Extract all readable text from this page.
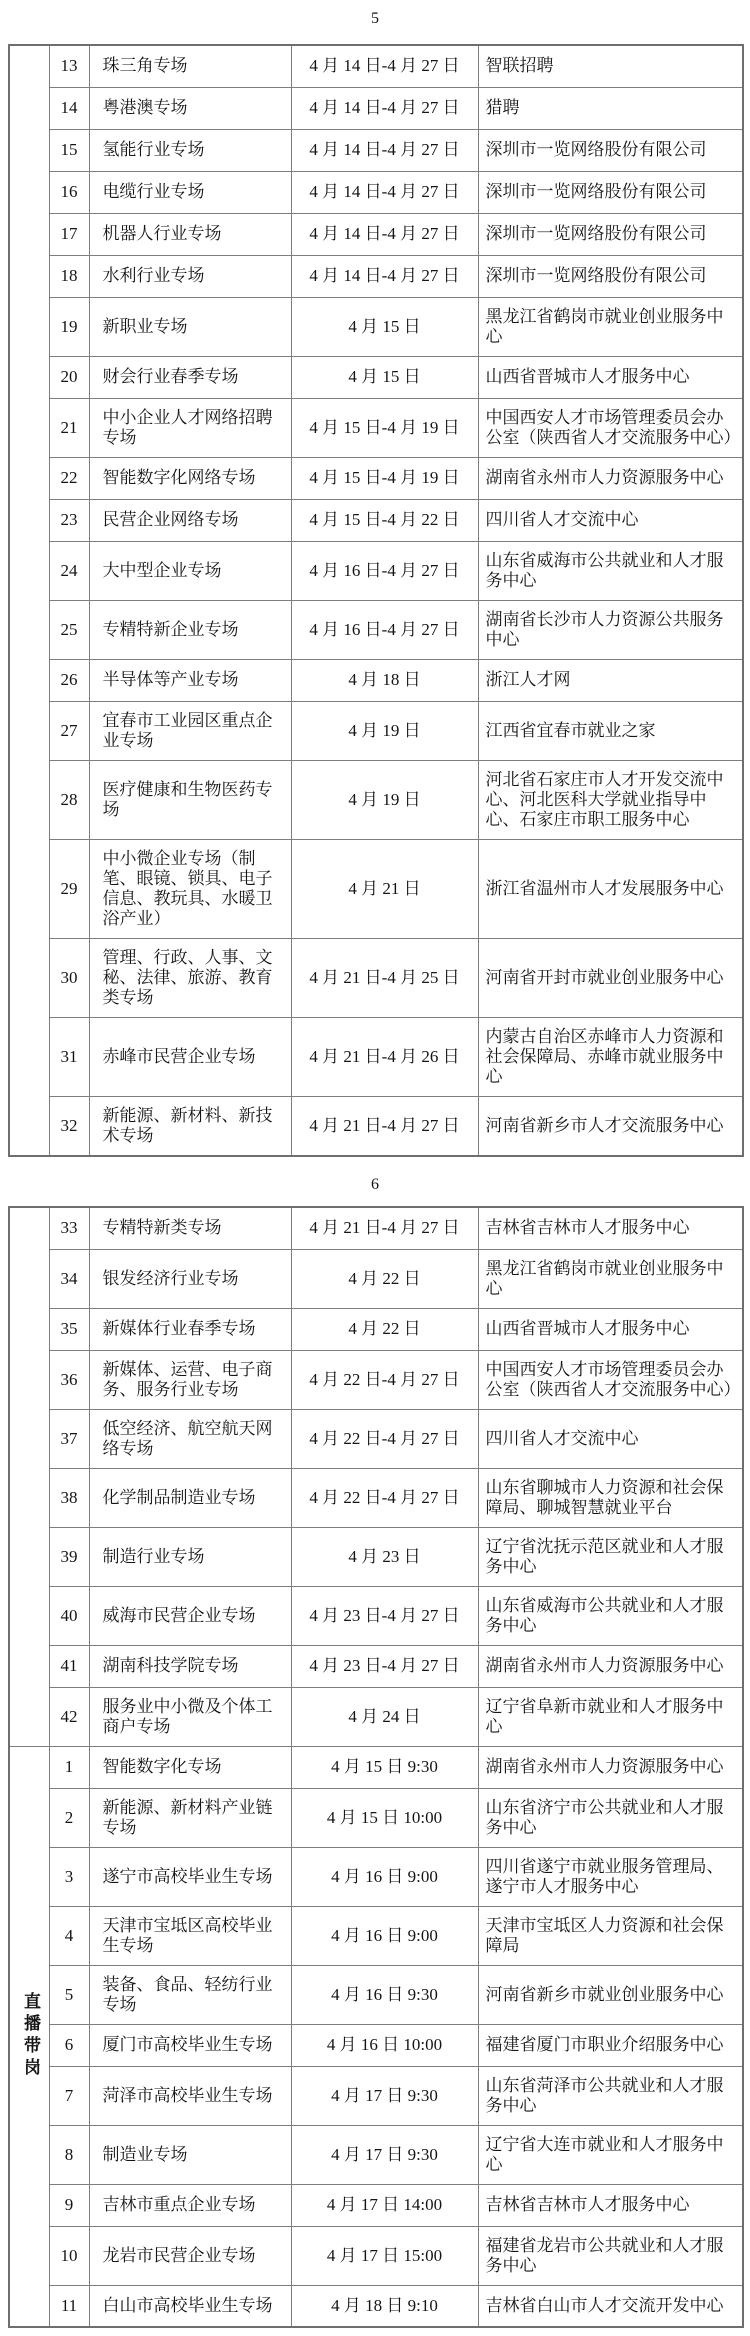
5
	13	珠三角专场	4 月 14 日-4 月 27 日	智联招聘
	14	粤港澳专场	4 月 14 日-4 月 27 日	猎聘
	15	氢能行业专场	4 月 14 日-4 月 27 日	深圳市一览网络股份有限公司
	16	电缆行业专场	4 月 14 日-4 月 27 日	深圳市一览网络股份有限公司
	17	机器人行业专场	4 月 14 日-4 月 27 日	深圳市一览网络股份有限公司
	18	水利行业专场	4 月 14 日-4 月 27 日	深圳市一览网络股份有限公司
	19	新职业专场	4 月 15 日	黑龙江省鹤岗市就业创业服务中心
	20	财会行业春季专场	4 月 15 日	山西省晋城市人才服务中心
	21	中小企业人才网络招聘专场	4 月 15 日-4 月 19 日	中国西安人才市场管理委员会办公室（陕西省人才交流服务中心）
	22	智能数字化网络专场	4 月 15 日-4 月 19 日	湖南省永州市人力资源服务中心
	23	民营企业网络专场	4 月 15 日-4 月 22 日	四川省人才交流中心
	24	大中型企业专场	4 月 16 日-4 月 27 日	山东省威海市公共就业和人才服务中心
	25	专精特新企业专场	4 月 16 日-4 月 27 日	湖南省长沙市人力资源公共服务中心
	26	半导体等产业专场	4 月 18 日	浙江人才网
	27	宜春市工业园区重点企业专场	4 月 19 日	江西省宜春市就业之家
	28	医疗健康和生物医药专场	4 月 19 日	河北省石家庄市人才开发交流中心、河北医科大学就业指导中心、石家庄市职工服务中心
	29	中小微企业专场（制笔、眼镜、锁具、电子信息、教玩具、水暖卫浴产业）	4 月 21 日	浙江省温州市人才发展服务中心
	30	管理、行政、人事、文秘、法律、旅游、教育类专场	4 月 21 日-4 月 25 日	河南省开封市就业创业服务中心
	31	赤峰市民营企业专场	4 月 21 日-4 月 26 日	内蒙古自治区赤峰市人力资源和社会保障局、赤峰市就业服务中心
	32	新能源、新材料、新技术专场	4 月 21 日-4 月 27 日	河南省新乡市人才交流服务中心
6
	33	专精特新类专场	4 月 21 日-4 月 27 日	吉林省吉林市人才服务中心
	34	银发经济行业专场	4 月 22 日	黑龙江省鹤岗市就业创业服务中心
	35	新媒体行业春季专场	4 月 22 日	山西省晋城市人才服务中心
	36	新媒体、运营、电子商务、服务行业专场	4 月 22 日-4 月 27 日	中国西安人才市场管理委员会办公室（陕西省人才交流服务中心）
	37	低空经济、航空航天网络专场	4 月 22 日-4 月 27 日	四川省人才交流中心
	38	化学制品制造业专场	4 月 22 日-4 月 27 日	山东省聊城市人力资源和社会保障局、聊城智慧就业平台
	39	制造行业专场	4 月 23 日	辽宁省沈抚示范区就业和人才服务中心
	40	威海市民营企业专场	4 月 23 日-4 月 27 日	山东省威海市公共就业和人才服务中心
	41	湖南科技学院专场	4 月 23 日-4 月 27 日	湖南省永州市人力资源服务中心
	42	服务业中小微及个体工商户专场	4 月 24 日	辽宁省阜新市就业和人才服务中心

直播带岗	1	智能数字化专场	4 月 15 日 9:30	湖南省永州市人力资源服务中心
	2	新能源、新材料产业链专场	4 月 15 日 10:00	山东省济宁市公共就业和人才服务中心
	3	遂宁市高校毕业生专场	4 月 16 日 9:00	四川省遂宁市就业服务管理局、遂宁市人才服务中心
	4	天津市宝坻区高校毕业生专场	4 月 16 日 9:00	天津市宝坻区人力资源和社会保障局
	5	装备、食品、轻纺行业专场	4 月 16 日 9:30	河南省新乡市就业创业服务中心
	6	厦门市高校毕业生专场	4 月 16 日 10:00	福建省厦门市职业介绍服务中心
	7	菏泽市高校毕业生专场	4 月 17 日 9:30	山东省菏泽市公共就业和人才服务中心
	8	制造业专场	4 月 17 日 9:30	辽宁省大连市就业和人才服务中心
	9	吉林市重点企业专场	4 月 17 日 14:00	吉林省吉林市人才服务中心
	10	龙岩市民营企业专场	4 月 17 日 15:00	福建省龙岩市公共就业和人才服务中心
	11	白山市高校毕业生专场	4 月 18 日 9:10	吉林省白山市人才交流开发中心
